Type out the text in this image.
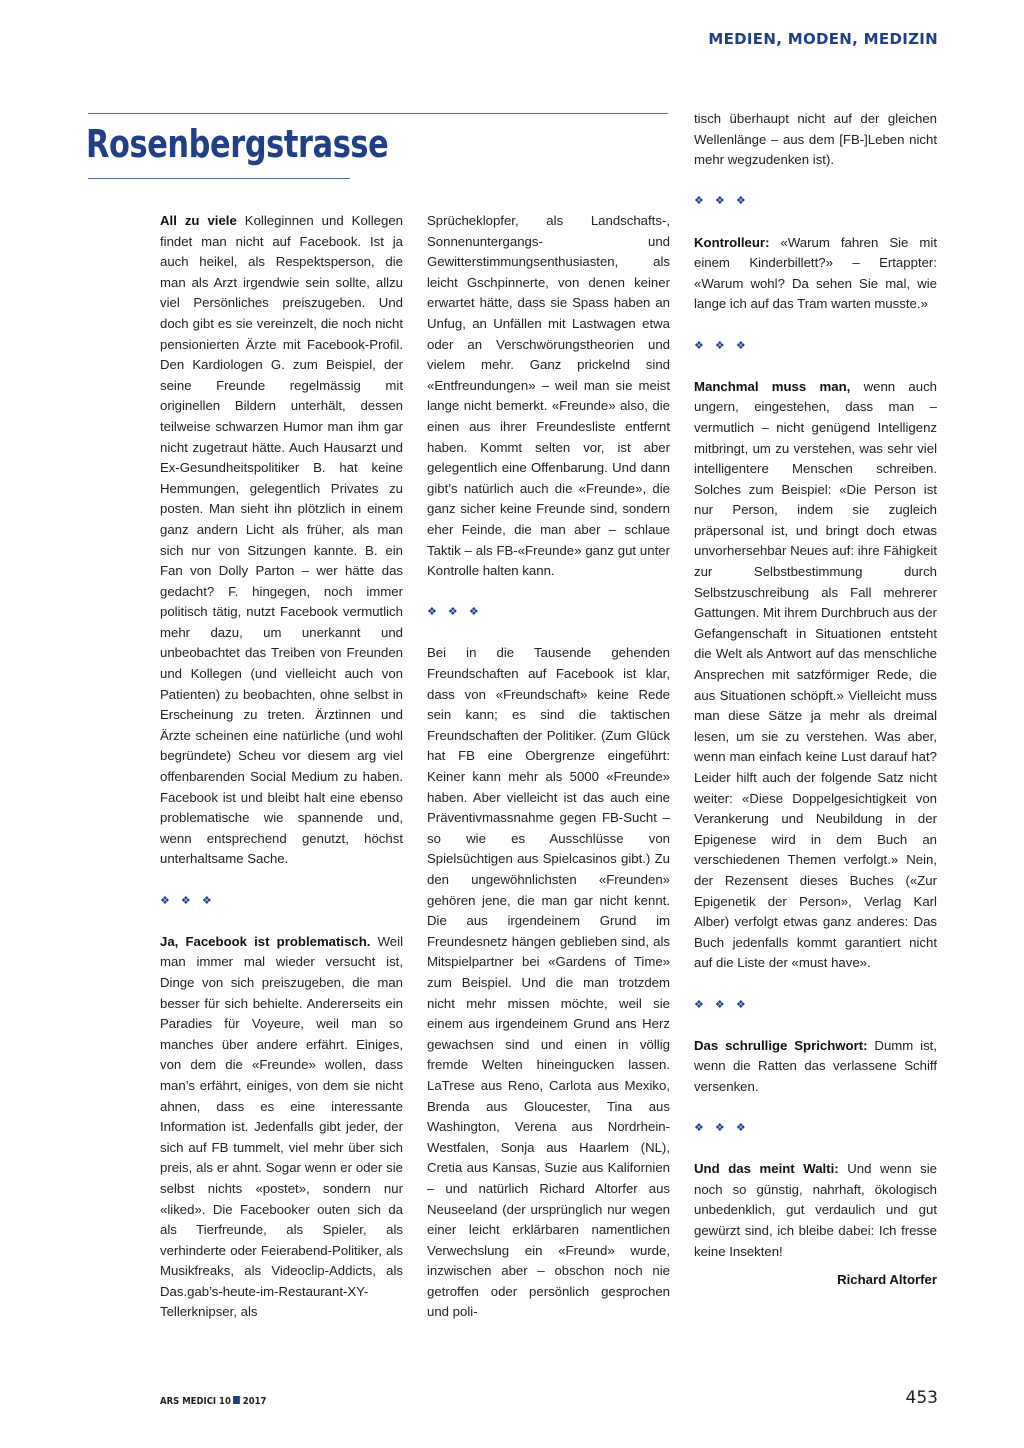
MEDIEN, MODEN, MEDIZIN
Rosenbergstrasse

All zu viele Kolleginnen und Kollegen findet man nicht auf Facebook. Ist ja auch heikel, als Respektsperson, die man als Arzt irgendwie sein sollte, allzu viel Persönliches preiszugeben. Und doch gibt es sie vereinzelt, die noch nicht pensionierten Ärzte mit Facebook-Profil. Den Kardiologen G. zum Beispiel, der seine Freunde regelmässig mit originellen Bildern unterhält, dessen teilweise schwarzen Humor man ihm gar nicht zugetraut hätte. Auch Hausarzt und Ex-Gesundheitspolitiker B. hat keine Hemmungen, gelegentlich Privates zu posten. Man sieht ihn plötzlich in einem ganz andern Licht als früher, als man sich nur von Sitzungen kannte. B. ein Fan von Dolly Parton – wer hätte das gedacht? F. hingegen, noch immer politisch tätig, nutzt Facebook vermutlich mehr dazu, um unerkannt und unbeobachtet das Treiben von Freunden und Kollegen (und vielleicht auch von Patienten) zu beobachten, ohne selbst in Erscheinung zu treten. Ärztinnen und Ärzte scheinen eine natürliche (und wohl begründete) Scheu vor diesem arg viel offenbarenden Social Medium zu haben. Facebook ist und bleibt halt eine ebenso problematische wie spannende und, wenn entsprechend genutzt, höchst unterhaltsame Sache.

❖ ❖ ❖

Ja, Facebook ist problematisch. Weil man immer mal wieder versucht ist, Dinge von sich preiszugeben, die man besser für sich behielte. Andererseits ein Paradies für Voyeure, weil man so manches über andere erfährt. Einiges, von dem die «Freunde» wollen, dass man’s erfährt, einiges, von dem sie nicht ahnen, dass es eine interessante Information ist. Jedenfalls gibt jeder, der sich auf FB tummelt, viel mehr über sich preis, als er ahnt. Sogar wenn er oder sie selbst nichts «postet», sondern nur «liked». Die Facebooker outen sich da als Tierfreunde, als Spieler, als verhinderte oder Feierabend-Politiker, als Musikfreaks, als Videoclip-Addicts, als Das.gab’s-heute-im-Restaurant-XY-Tellerknipser, als

Sprücheklopfer, als Landschafts-, Sonnenuntergangs- und Gewitterstimmungsenthusiasten, als leicht Gschpinnerte, von denen keiner erwartet hätte, dass sie Spass haben an Unfug, an Unfällen mit Lastwagen etwa oder an Verschwörungstheorien und vielem mehr. Ganz prickelnd sind «Entfreundungen» – weil man sie meist lange nicht bemerkt. «Freunde» also, die einen aus ihrer Freundesliste entfernt haben. Kommt selten vor, ist aber gelegentlich eine Offenbarung. Und dann gibt’s natürlich auch die «Freunde», die ganz sicher keine Freunde sind, sondern eher Feinde, die man aber – schlaue Taktik – als FB-«Freunde» ganz gut unter Kontrolle halten kann.

❖ ❖ ❖

Bei in die Tausende gehenden Freundschaften auf Facebook ist klar, dass von «Freundschaft» keine Rede sein kann; es sind die taktischen Freundschaften der Politiker. (Zum Glück hat FB eine Obergrenze eingeführt: Keiner kann mehr als 5000 «Freunde» haben. Aber vielleicht ist das auch eine Präventivmassnahme gegen FB-Sucht – so wie es Ausschlüsse von Spielsüchtigen aus Spielcasinos gibt.) Zu den ungewöhnlichsten «Freunden» gehören jene, die man gar nicht kennt. Die aus irgendeinem Grund im Freundesnetz hängen geblieben sind, als Mitspielpartner bei «Gardens of Time» zum Beispiel. Und die man trotzdem nicht mehr missen möchte, weil sie einem aus irgendeinem Grund ans Herz gewachsen sind und einen in völlig fremde Welten hineingucken lassen. LaTrese aus Reno, Carlota aus Mexiko, Brenda aus Gloucester, Tina aus Washington, Verena aus Nordrhein-Westfalen, Sonja aus Haarlem (NL), Cretia aus Kansas, Suzie aus Kalifornien – und natürlich Richard Altorfer aus Neuseeland (der ursprünglich nur wegen einer leicht erklärbaren namentlichen Verwechslung ein «Freund» wurde, inzwischen aber – obschon noch nie getroffen oder persönlich gesprochen und poli-

tisch überhaupt nicht auf der gleichen Wellenlänge – aus dem [FB-]Leben nicht mehr wegzudenken ist).

❖ ❖ ❖

Kontrolleur: «Warum fahren Sie mit einem Kinderbillett?» – Ertappter: «Warum wohl? Da sehen Sie mal, wie lange ich auf das Tram warten musste.»

❖ ❖ ❖

Manchmal muss man, wenn auch ungern, eingestehen, dass man – vermutlich – nicht genügend Intelligenz mitbringt, um zu verstehen, was sehr viel intelligentere Menschen schreiben. Solches zum Beispiel: «Die Person ist nur Person, indem sie zugleich präpersonal ist, und bringt doch etwas unvorhersehbar Neues auf: ihre Fähigkeit zur Selbstbestimmung durch Selbstzuschreibung als Fall mehrerer Gattungen. Mit ihrem Durchbruch aus der Gefangenschaft in Situationen entsteht die Welt als Antwort auf das menschliche Ansprechen mit satzförmiger Rede, die aus Situationen schöpft.» Vielleicht muss man diese Sätze ja mehr als dreimal lesen, um sie zu verstehen. Was aber, wenn man einfach keine Lust darauf hat? Leider hilft auch der folgende Satz nicht weiter: «Diese Doppelgesichtigkeit von Verankerung und Neubildung in der Epigenese wird in dem Buch an verschiedenen Themen verfolgt.» Nein, der Rezensent dieses Buches («Zur Epigenetik der Person», Verlag Karl Alber) verfolgt etwas ganz anderes: Das Buch jedenfalls kommt garantiert nicht auf die Liste der «must have».

❖ ❖ ❖

Das schrullige Sprichwort: Dumm ist, wenn die Ratten das verlassene Schiff versenken.

❖ ❖ ❖

Und das meint Walti: Und wenn sie noch so günstig, nahrhaft, ökologisch unbedenklich, gut verdaulich und gut gewürzt sind, ich bleibe dabei: Ich fresse keine Insekten!

Richard Altorfer
ARS MEDICI 10 2017	453
